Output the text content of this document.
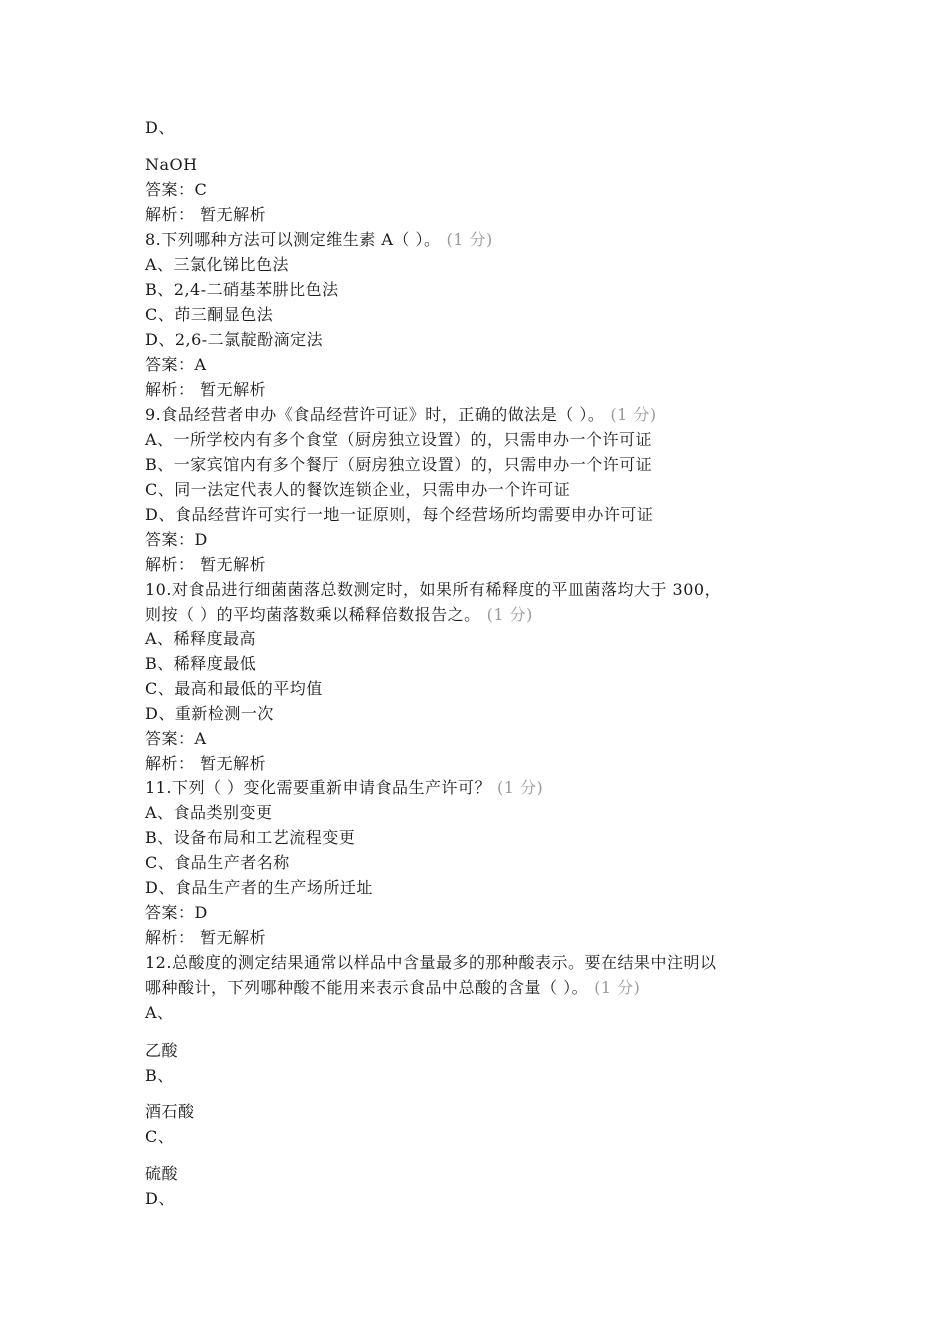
D、
NaOH
答案：C
解析： 暂无解析
8.下列哪种方法可以测定维生素 A（ ）。 (1 分)
A、三氯化锑比色法
B、2,4-二硝基苯肼比色法
C、茚三酮显色法
D、2,6-二氯靛酚滴定法
答案：A
解析： 暂无解析
9.食品经营者申办《食品经营许可证》时，正确的做法是（ ）。 (1 分)
A、一所学校内有多个食堂（厨房独立设置）的，只需申办一个许可证
B、一家宾馆内有多个餐厅（厨房独立设置）的，只需申办一个许可证
C、同一法定代表人的餐饮连锁企业，只需申办一个许可证
D、食品经营许可实行一地一证原则，每个经营场所均需要申办许可证
答案：D
解析： 暂无解析
10.对食品进行细菌菌落总数测定时，如果所有稀释度的平皿菌落均大于 300，
则按（ ）的平均菌落数乘以稀释倍数报告之。 (1 分)
A、稀释度最高
B、稀释度最低
C、最高和最低的平均值
D、重新检测一次
答案：A
解析： 暂无解析
11.下列（ ）变化需要重新申请食品生产许可？ (1 分)
A、食品类别变更
B、设备布局和工艺流程变更
C、食品生产者名称
D、食品生产者的生产场所迁址
答案：D
解析： 暂无解析
12.总酸度的测定结果通常以样品中含量最多的那种酸表示。要在结果中注明以
哪种酸计，下列哪种酸不能用来表示食品中总酸的含量（ ）。 (1 分)
A、
乙酸
B、
酒石酸
C、
硫酸
D、
